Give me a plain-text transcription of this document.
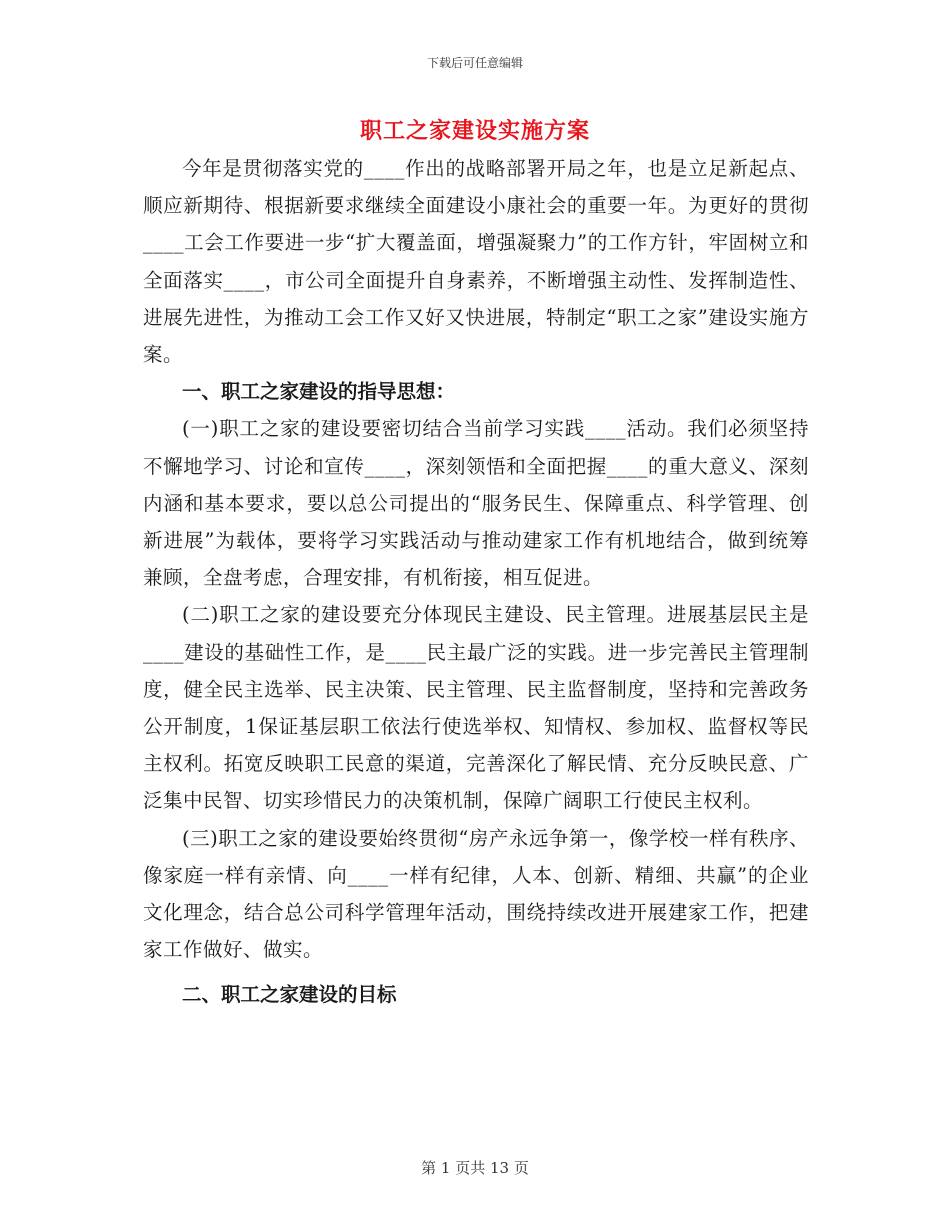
下载后可任意编辑
职工之家建设实施方案

今年是贯彻落实党的____作出的战略部署开局之年，也是立足新起点、顺应新期待、根据新要求继续全面建设小康社会的重要一年。为更好的贯彻____工会工作要进一步“扩大覆盖面，增强凝聚力”的工作方针，牢固树立和全面落实____，市公司全面提升自身素养，不断增强主动性、发挥制造性、进展先进性，为推动工会工作又好又快进展，特制定“职工之家”建设实施方案。

一、职工之家建设的指导思想：

(一)职工之家的建设要密切结合当前学习实践____活动。我们必须坚持不懈地学习、讨论和宣传____，深刻领悟和全面把握____的重大意义、深刻内涵和基本要求，要以总公司提出的“服务民生、保障重点、科学管理、创新进展”为载体，要将学习实践活动与推动建家工作有机地结合，做到统筹兼顾，全盘考虑，合理安排，有机衔接，相互促进。

(二)职工之家的建设要充分体现民主建设、民主管理。进展基层民主是____建设的基础性工作，是____民主最广泛的实践。进一步完善民主管理制度，健全民主选举、民主决策、民主管理、民主监督制度，坚持和完善政务公开制度，1保证基层职工依法行使选举权、知情权、参加权、监督权等民主权利。拓宽反映职工民意的渠道，完善深化了解民情、充分反映民意、广泛集中民智、切实珍惜民力的决策机制，保障广阔职工行使民主权利。

(三)职工之家的建设要始终贯彻“房产永远争第一，像学校一样有秩序、像家庭一样有亲情、向____一样有纪律，人本、创新、精细、共赢”的企业文化理念，结合总公司科学管理年活动，围绕持续改进开展建家工作，把建家工作做好、做实。

二、职工之家建设的目标

第 1 页共 13 页
